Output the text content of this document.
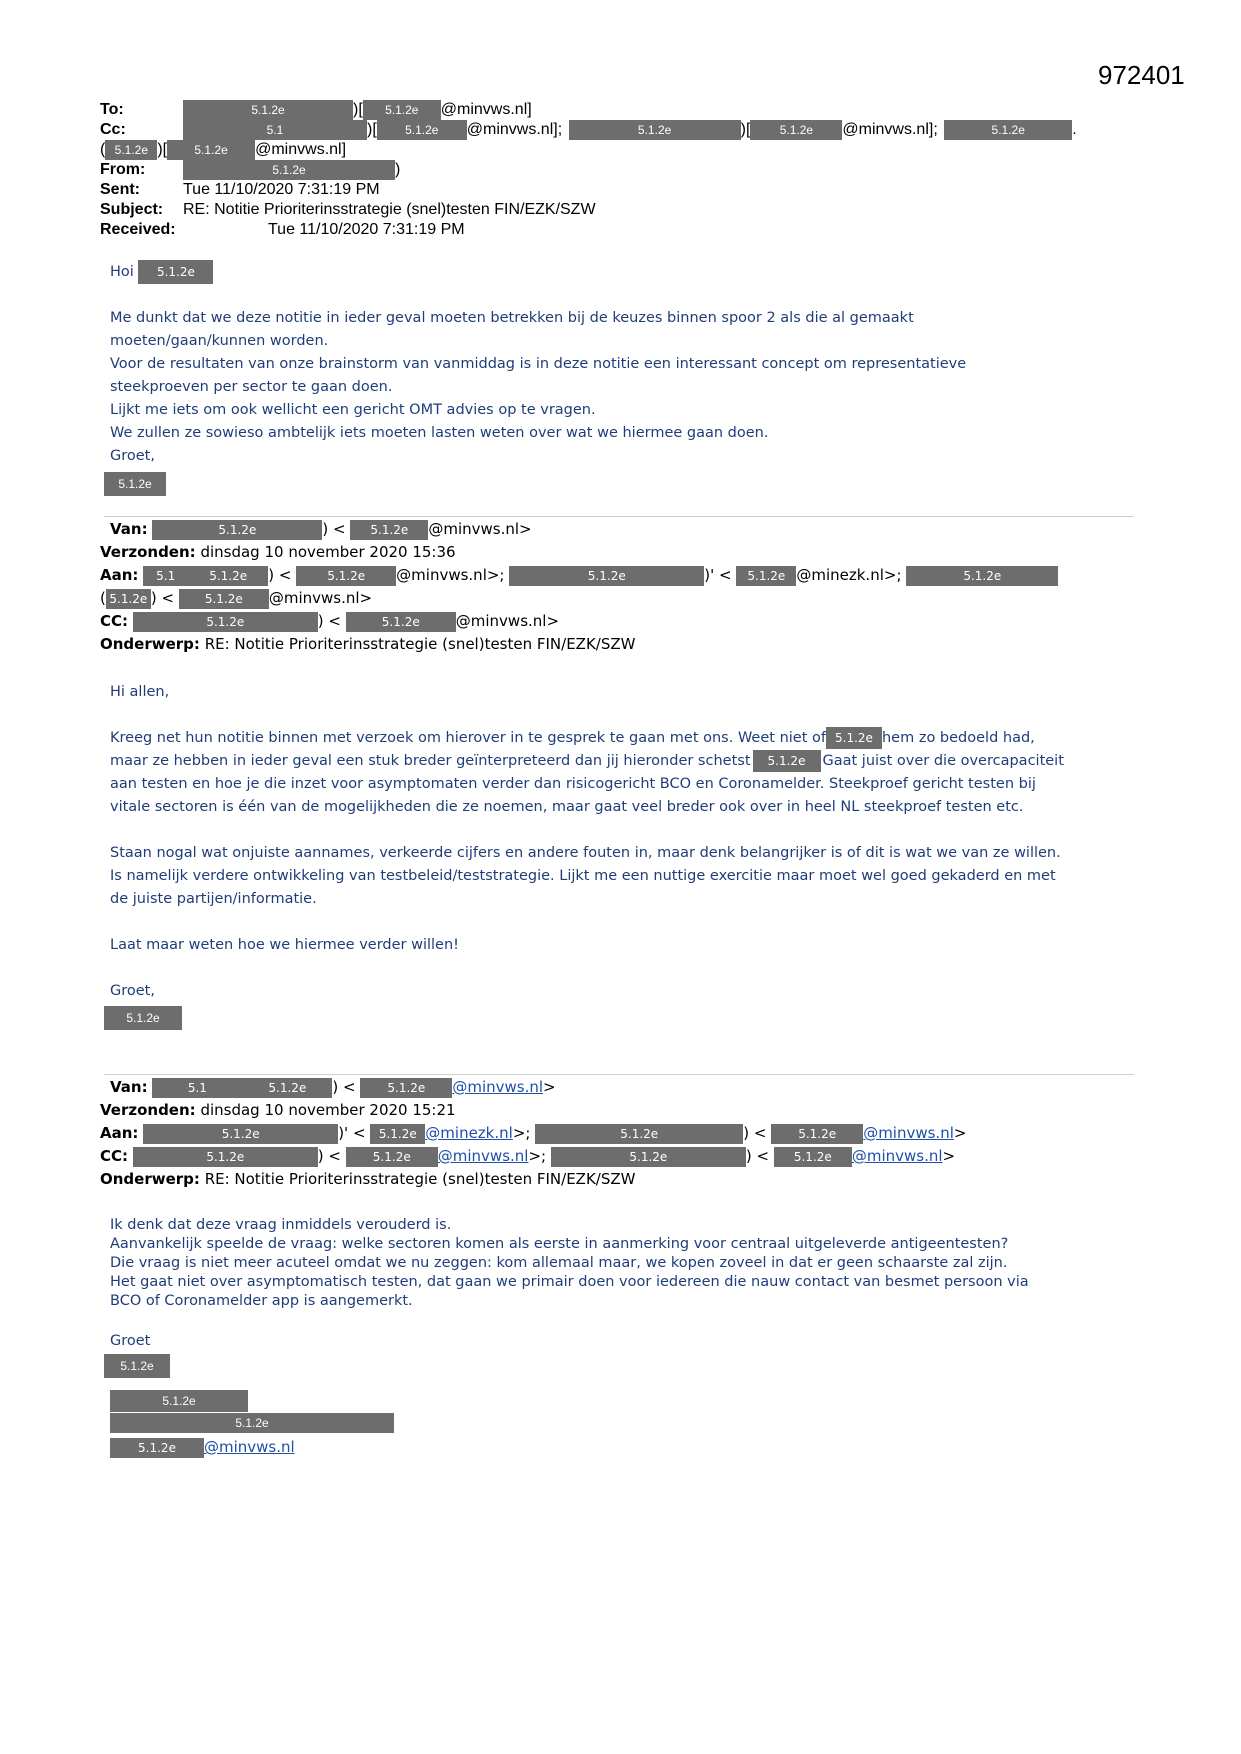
972401
To:	5.1.2e	)[ 5.1.2e @minvws.nl]
Cc:	5.1	)[ 5.1.2e @minvws.nl];	5.1.2e	)[ 5.1.2e @minvws.nl];	5.1.2e	.
( 5.1.2e )[ 5.1.2e @minvws.nl]
From:	5.1.2e	)
Sent:	Tue 11/10/2020 7:31:19 PM
Subject: RE: Notitie Prioriterinsstrategie (snel)testen FIN/EZK/SZW
Received:	Tue 11/10/2020 7:31:19 PM
Hoi 5.1.2e

Me dunkt dat we deze notitie in ieder geval moeten betrekken bij de keuzes binnen spoor 2 als die al gemaakt

moeten/gaan/kunnen worden.

Voor de resultaten van onze brainstorm van vanmiddag is in deze notitie een interessant concept om representatieve

steekproeven per sector te gaan doen.

Lijkt me iets om ook wellicht een gericht OMT advies op te vragen.

We zullen ze sowieso ambtelijk iets moeten lasten weten over wat we hiermee gaan doen.

Groet,

5.1.2e
Van:	5.1.2e	) < 5.1.2e @minvws.nl>
Verzonden: dinsdag 10 november 2020 15:36
Aan: 5.1	5.1.2e ) <	5.1.2e @minvws.nl>;	5.1.2e	)' < 5.1.2e @minezk.nl>;	5.1.2e
( 5.1.2e ) < 5.1.2e @minvws.nl>
CC:	5.1.2e	) <	5.1.2e @minvws.nl>
Onderwerp: RE: Notitie Prioriterinsstrategie (snel)testen FIN/EZK/SZW
Hi allen,
Kreeg net hun notitie binnen met verzoek om hierover in te gesprek te gaan met ons. Weet niet of 5.1.2e hem zo bedoeld had,
maar ze hebben in ieder geval een stuk breder geïnterpreteerd dan jij hieronder schetst 5.1.2e Gaat juist over die overcapaciteit

aan testen en hoe je die inzet voor asymptomaten verder dan risicogericht BCO en Coronamelder. Steekproef gericht testen bij

vitale sectoren is één van de mogelijkheden die ze noemen, maar gaat veel breder ook over in heel NL steekproef testen etc.

Staan nogal wat onjuiste aannames, verkeerde cijfers en andere fouten in, maar denk belangrijker is of dit is wat we van ze willen.

Is namelijk verdere ontwikkeling van testbeleid/teststrategie. Lijkt me een nuttige exercitie maar moet wel goed gekaderd en met

de juiste partijen/informatie.

Laat maar weten hoe we hiermee verder willen!
Groet,
5.1.2e
Van:	5.1	5.1.2e ) < 5.1.2e @minvws.nl>
Verzonden: dinsdag 10 november 2020 15:21
Aan:	5.1.2e	)' < 5.1.2e @minezk.nl>;	5.1.2e	) < 5.1.2e @minvws.nl>
CC:	5.1.2e	) < 5.1.2e @minvws.nl>;	5.1.2e	) < 5.1.2e @minvws.nl>
Onderwerp: RE: Notitie Prioriterinsstrategie (snel)testen FIN/EZK/SZW

Ik denk dat deze vraag inmiddels verouderd is.

Aanvankelijk speelde de vraag: welke sectoren komen als eerste in aanmerking voor centraal uitgeleverde antigeentesten?

Die vraag is niet meer acuteel omdat we nu zeggen: kom allemaal maar, we kopen zoveel in dat er geen schaarste zal zijn.

Het gaat niet over asymptomatisch testen, dat gaan we primair doen voor iedereen die nauw contact van besmet persoon via

BCO of Coronamelder app is aangemerkt.

Groet
5.1.2e
5.1.2e
5.1.2e
5.1.2e @minvws.nl
